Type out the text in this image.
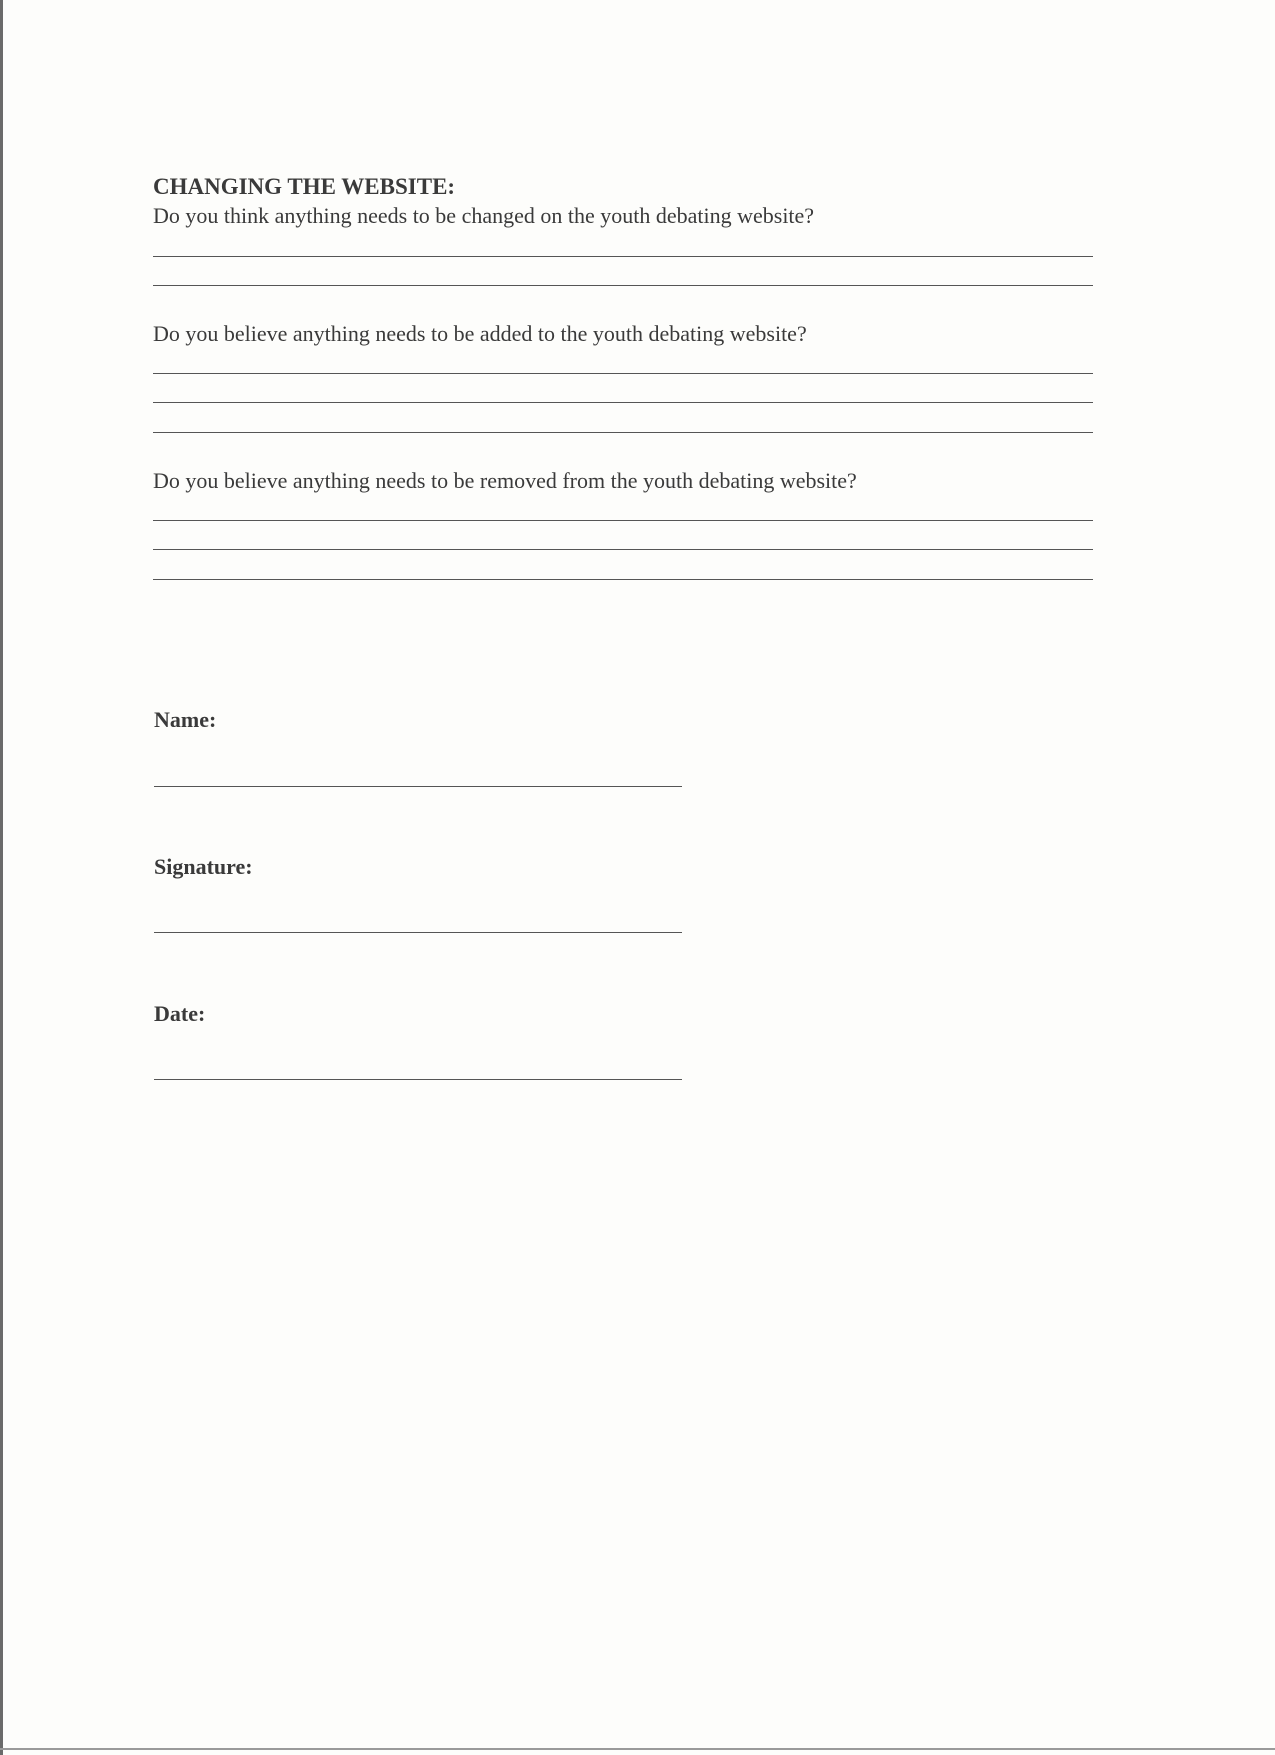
CHANGING THE WEBSITE:
Do you think anything needs to be changed on the youth debating website?
Do you believe anything needs to be added to the youth debating website?
Do you believe anything needs to be removed from the youth debating website?
Name:
Signature:
Date:
